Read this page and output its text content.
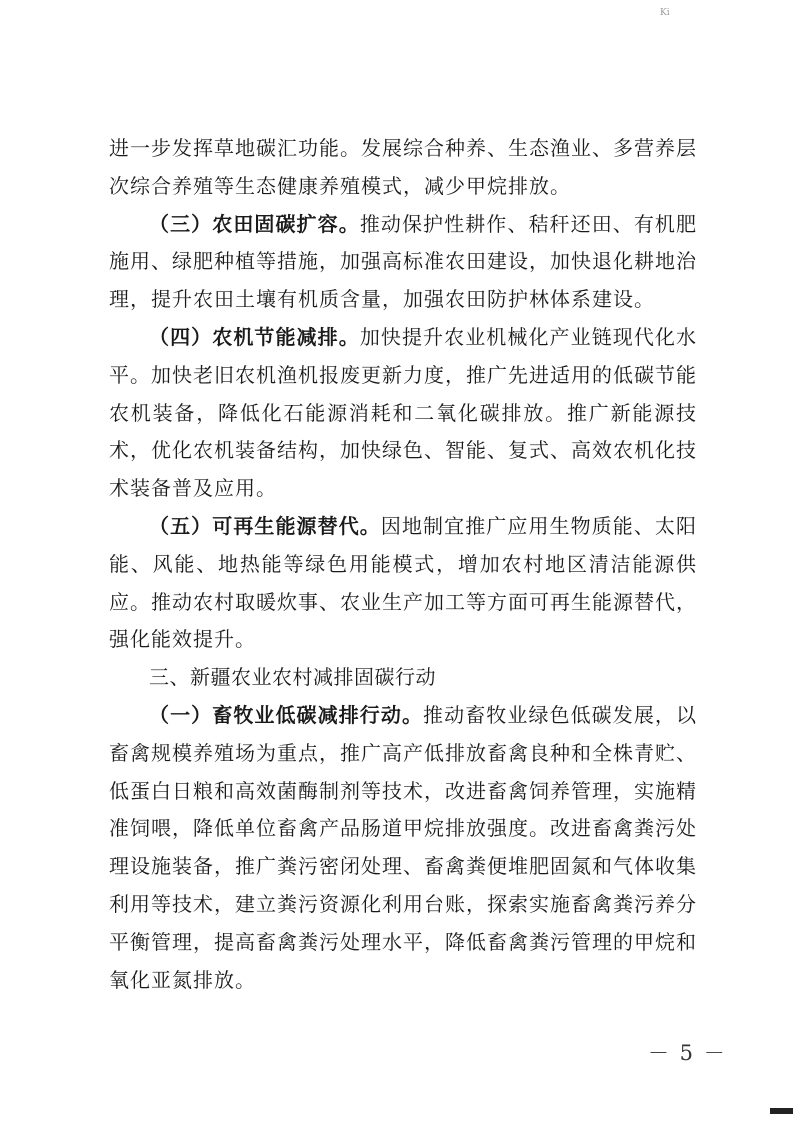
Ki

进一步发挥草地碳汇功能。发展综合种养、生态渔业、多营养层次综合养殖等生态健康养殖模式，减少甲烷排放。

（三）农田固碳扩容。推动保护性耕作、秸秆还田、有机肥施用、绿肥种植等措施，加强高标准农田建设，加快退化耕地治理，提升农田土壤有机质含量，加强农田防护林体系建设。

（四）农机节能减排。加快提升农业机械化产业链现代化水平。加快老旧农机渔机报废更新力度，推广先进适用的低碳节能农机装备，降低化石能源消耗和二氧化碳排放。推广新能源技术，优化农机装备结构，加快绿色、智能、复式、高效农机化技术装备普及应用。

（五）可再生能源替代。因地制宜推广应用生物质能、太阳能、风能、地热能等绿色用能模式，增加农村地区清洁能源供应。推动农村取暖炊事、农业生产加工等方面可再生能源替代，强化能效提升。

三、新疆农业农村减排固碳行动

（一）畜牧业低碳减排行动。推动畜牧业绿色低碳发展，以畜禽规模养殖场为重点，推广高产低排放畜禽良种和全株青贮、低蛋白日粮和高效菌酶制剂等技术，改进畜禽饲养管理，实施精准饲喂，降低单位畜禽产品肠道甲烷排放强度。改进畜禽粪污处理设施装备，推广粪污密闭处理、畜禽粪便堆肥固氮和气体收集利用等技术，建立粪污资源化利用台账，探索实施畜禽粪污养分平衡管理，提高畜禽粪污处理水平，降低畜禽粪污管理的甲烷和氧化亚氮排放。

－ 5 －
